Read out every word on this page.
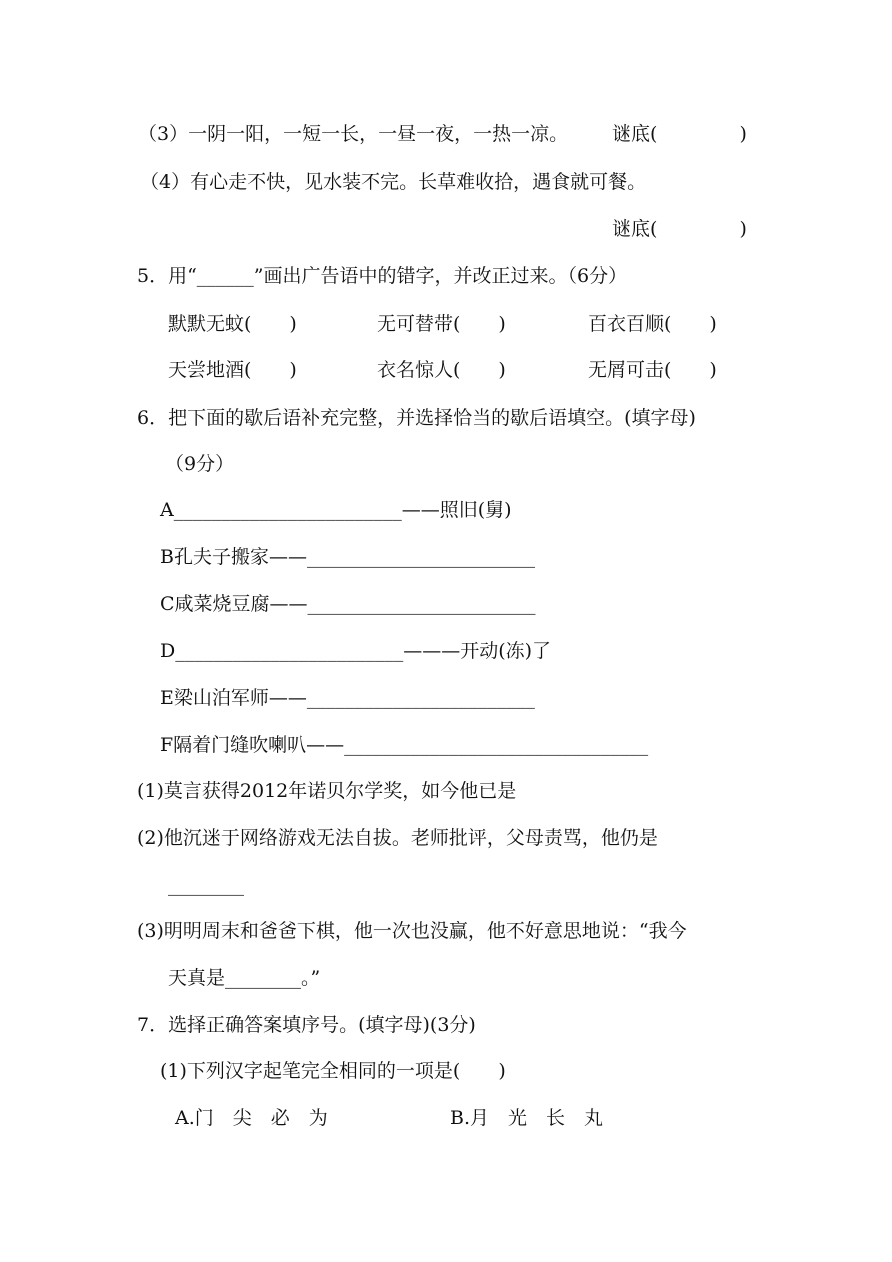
（3）一阴一阳，一短一长，一昼一夜，一热一凉。 谜底(　　　　 )
（4）有心走不快，见水装不完。长草难收拾，遇食就可餐。
谜底(　　　　 )
5．用“______”画出广告语中的错字，并改正过来。（6分）
默默无蚊(　　)	无可替带(　　)	百衣百顺(　　)
天尝地酒(　　)	衣名惊人(　　)	无屑可击(　　)
6．把下面的歇后语补充完整，并选择恰当的歇后语填空。(填字母)
（9分）
A________________________——照旧(舅)
B孔夫子搬家——________________________
C咸菜烧豆腐——________________________
D________________________———开动(冻)了
E梁山泊军师——________________________
F隔着门缝吹喇叭——________________________________
(1)莫言获得2012年诺贝尔学奖，如今他已是
(2)他沉迷于网络游戏无法自拔。老师批评，父母责骂，他仍是
________
(3)明明周末和爸爸下棋，他一次也没赢，他不好意思地说：“我今
天真是________。”
7．选择正确答案填序号。(填字母)(3分)
(1)下列汉字起笔完全相同的一项是(　　)
A.门　尖　必　为	B.月　光　长　丸
